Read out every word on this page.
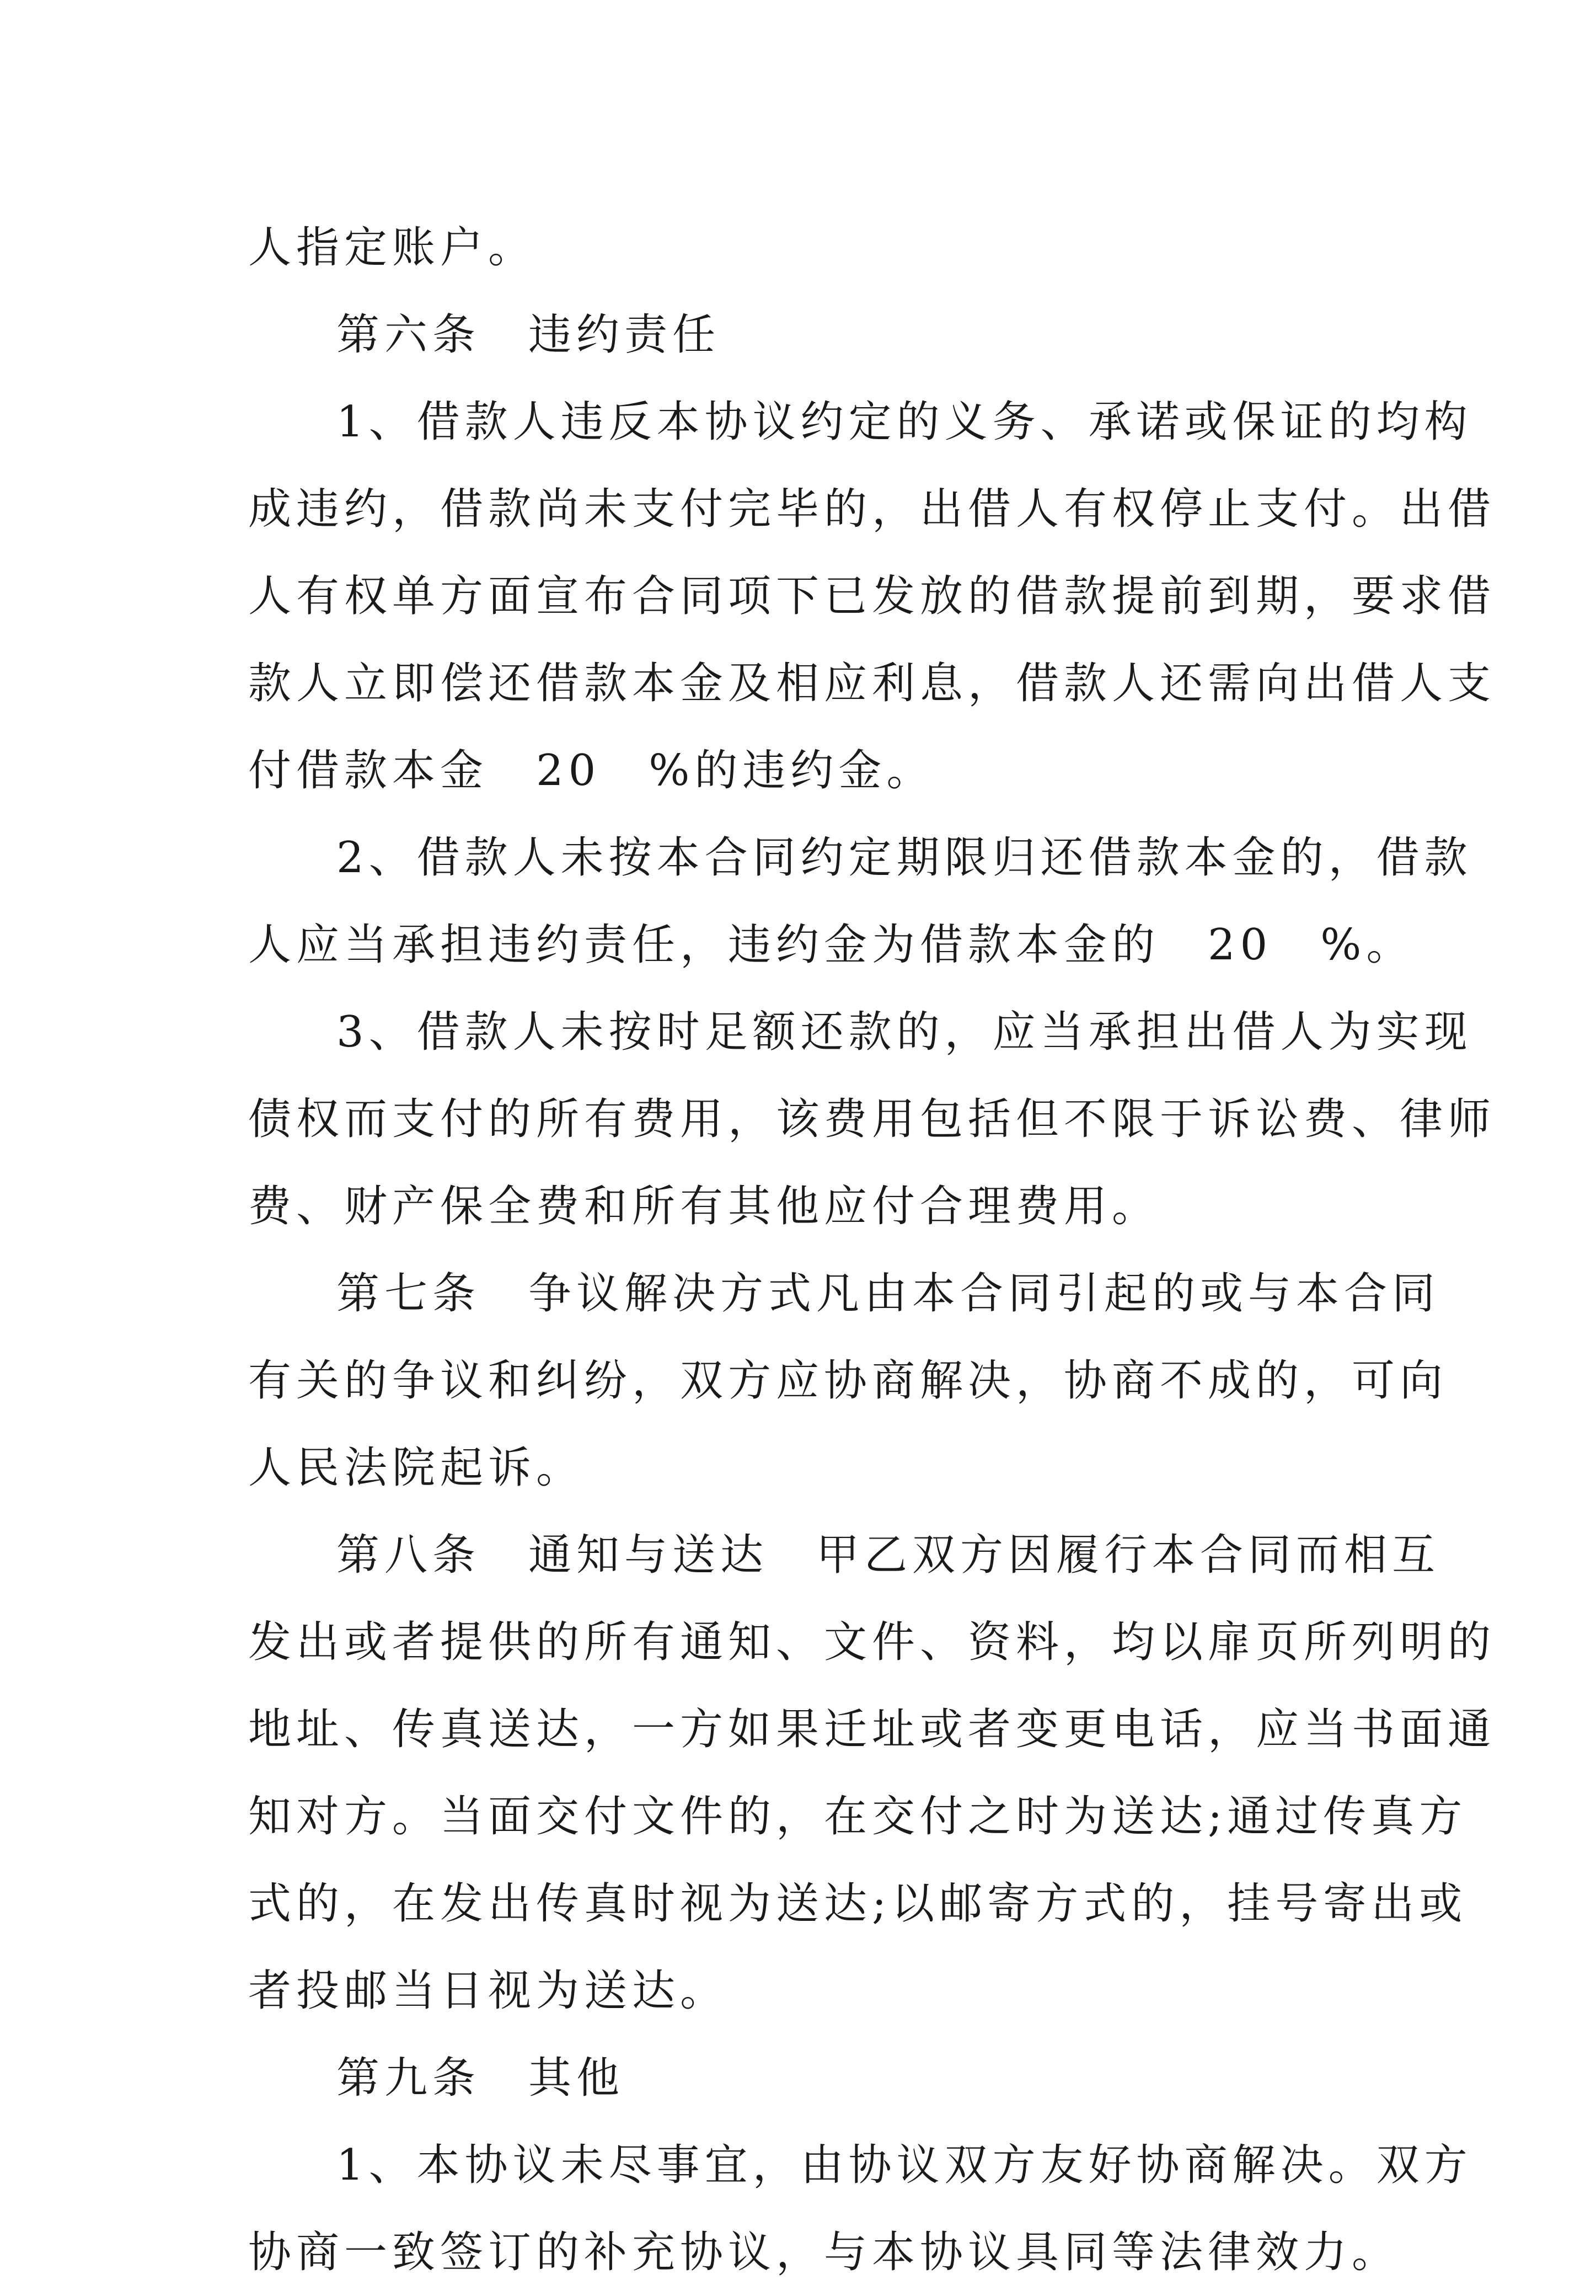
人指定账户。
第六条　违约责任
1、借款人违反本协议约定的义务、承诺或保证的均构
成违约，借款尚未支付完毕的，出借人有权停止支付。出借
人有权单方面宣布合同项下已发放的借款提前到期，要求借
款人立即偿还借款本金及相应利息，借款人还需向出借人支
付借款本金　20　%的违约金。
2、借款人未按本合同约定期限归还借款本金的，借款
人应当承担违约责任，违约金为借款本金的　20　%。
3、借款人未按时足额还款的，应当承担出借人为实现
债权而支付的所有费用，该费用包括但不限于诉讼费、律师
费、财产保全费和所有其他应付合理费用。
第七条　争议解决方式凡由本合同引起的或与本合同
有关的争议和纠纷，双方应协商解决，协商不成的，可向
人民法院起诉。
第八条　通知与送达　甲乙双方因履行本合同而相互
发出或者提供的所有通知、文件、资料，均以扉页所列明的
地址、传真送达，一方如果迁址或者变更电话，应当书面通
知对方。当面交付文件的，在交付之时为送达;通过传真方
式的，在发出传真时视为送达;以邮寄方式的，挂号寄出或
者投邮当日视为送达。
第九条　其他
1、本协议未尽事宜，由协议双方友好协商解决。双方
协商一致签订的补充协议，与本协议具同等法律效力。
